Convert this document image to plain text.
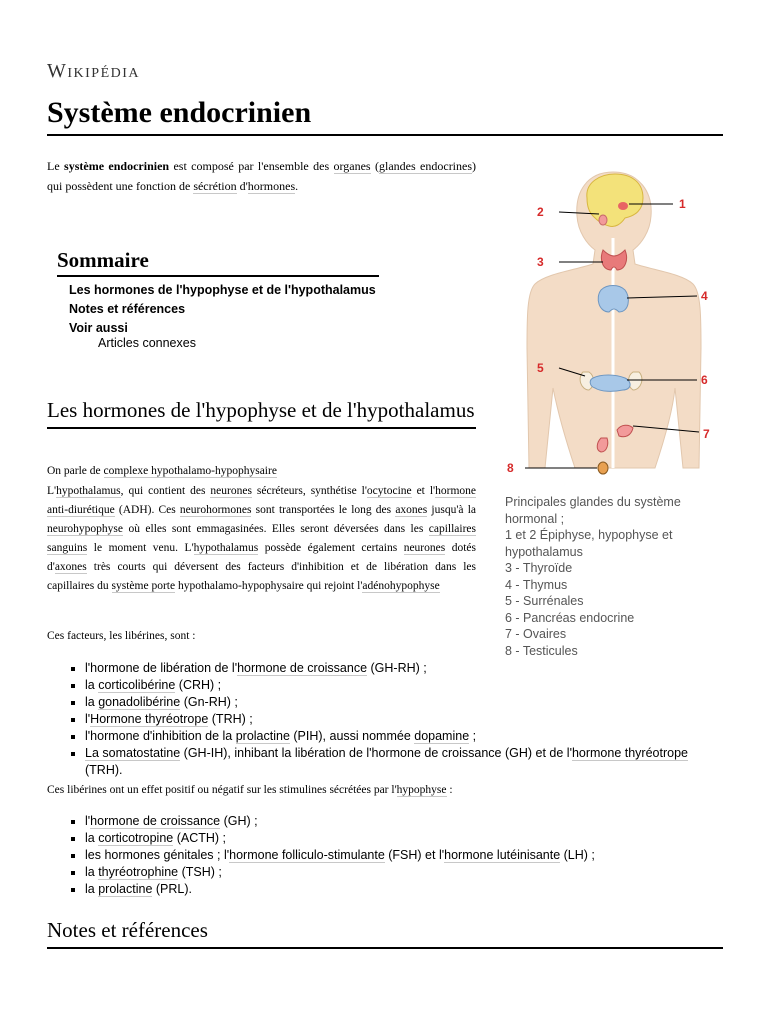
Wikipédia
Système endocrinien

Le système endocrinien est composé par l'ensemble des organes (glandes endocrines) qui possèdent une fonction de sécrétion d'hormones.

Sommaire
Les hormones de l'hypophyse et de l'hypothalamus
Notes et références
Voir aussi
Articles connexes
Les hormones de l'hypophyse et de l'hypothalamus

On parle de complexe hypothalamo-hypophysaire

L'hypothalamus, qui contient des neurones sécréteurs, synthétise l'ocytocine et l'hormone anti-diurétique (ADH). Ces neurohormones sont transportées le long des axones jusqu'à la neurohypophyse où elles sont emmagasinées. Elles seront déversées dans les capillaires sanguins le moment venu. L'hypothalamus possède également certains neurones dotés d'axones très courts qui déversent des facteurs d'inhibition et de libération dans les capillaires du système porte hypothalamo-hypophysaire qui rejoint l'adénohypophyse

Ces facteurs, les libérines, sont :

▪ l'hormone de libération de l'hormone de croissance (GH-RH) ;
▪ la corticolibérine (CRH) ;
▪ la gonadolibérine (Gn-RH) ;
▪ l'Hormone thyréotrope (TRH) ;
▪ l'hormone d'inhibition de la prolactine (PIH), aussi nommée dopamine ;
▪ La somatostatine (GH-IH), inhibant la libération de l'hormone de croissance (GH) et de l'hormone thyréotrope (TRH).

Ces libérines ont un effet positif ou négatif sur les stimulines sécrétées par l'hypophyse :

▪ l'hormone de croissance (GH) ;
▪ la corticotropine (ACTH) ;
▪ les hormones génitales ; l'hormone folliculo-stimulante (FSH) et l'hormone lutéinisante (LH) ;
▪ la thyréotrophine (TSH) ;
▪ la prolactine (PRL).
Notes et références
1
2
3
4
5
6
7
8
Principales glandes du système hormonal ;
1 et 2 Épiphyse, hypophyse et hypothalamus
3 - Thyroïde
4 - Thymus
5 - Surrénales
6 - Pancréas endocrine
7 - Ovaires
8 - Testicules
